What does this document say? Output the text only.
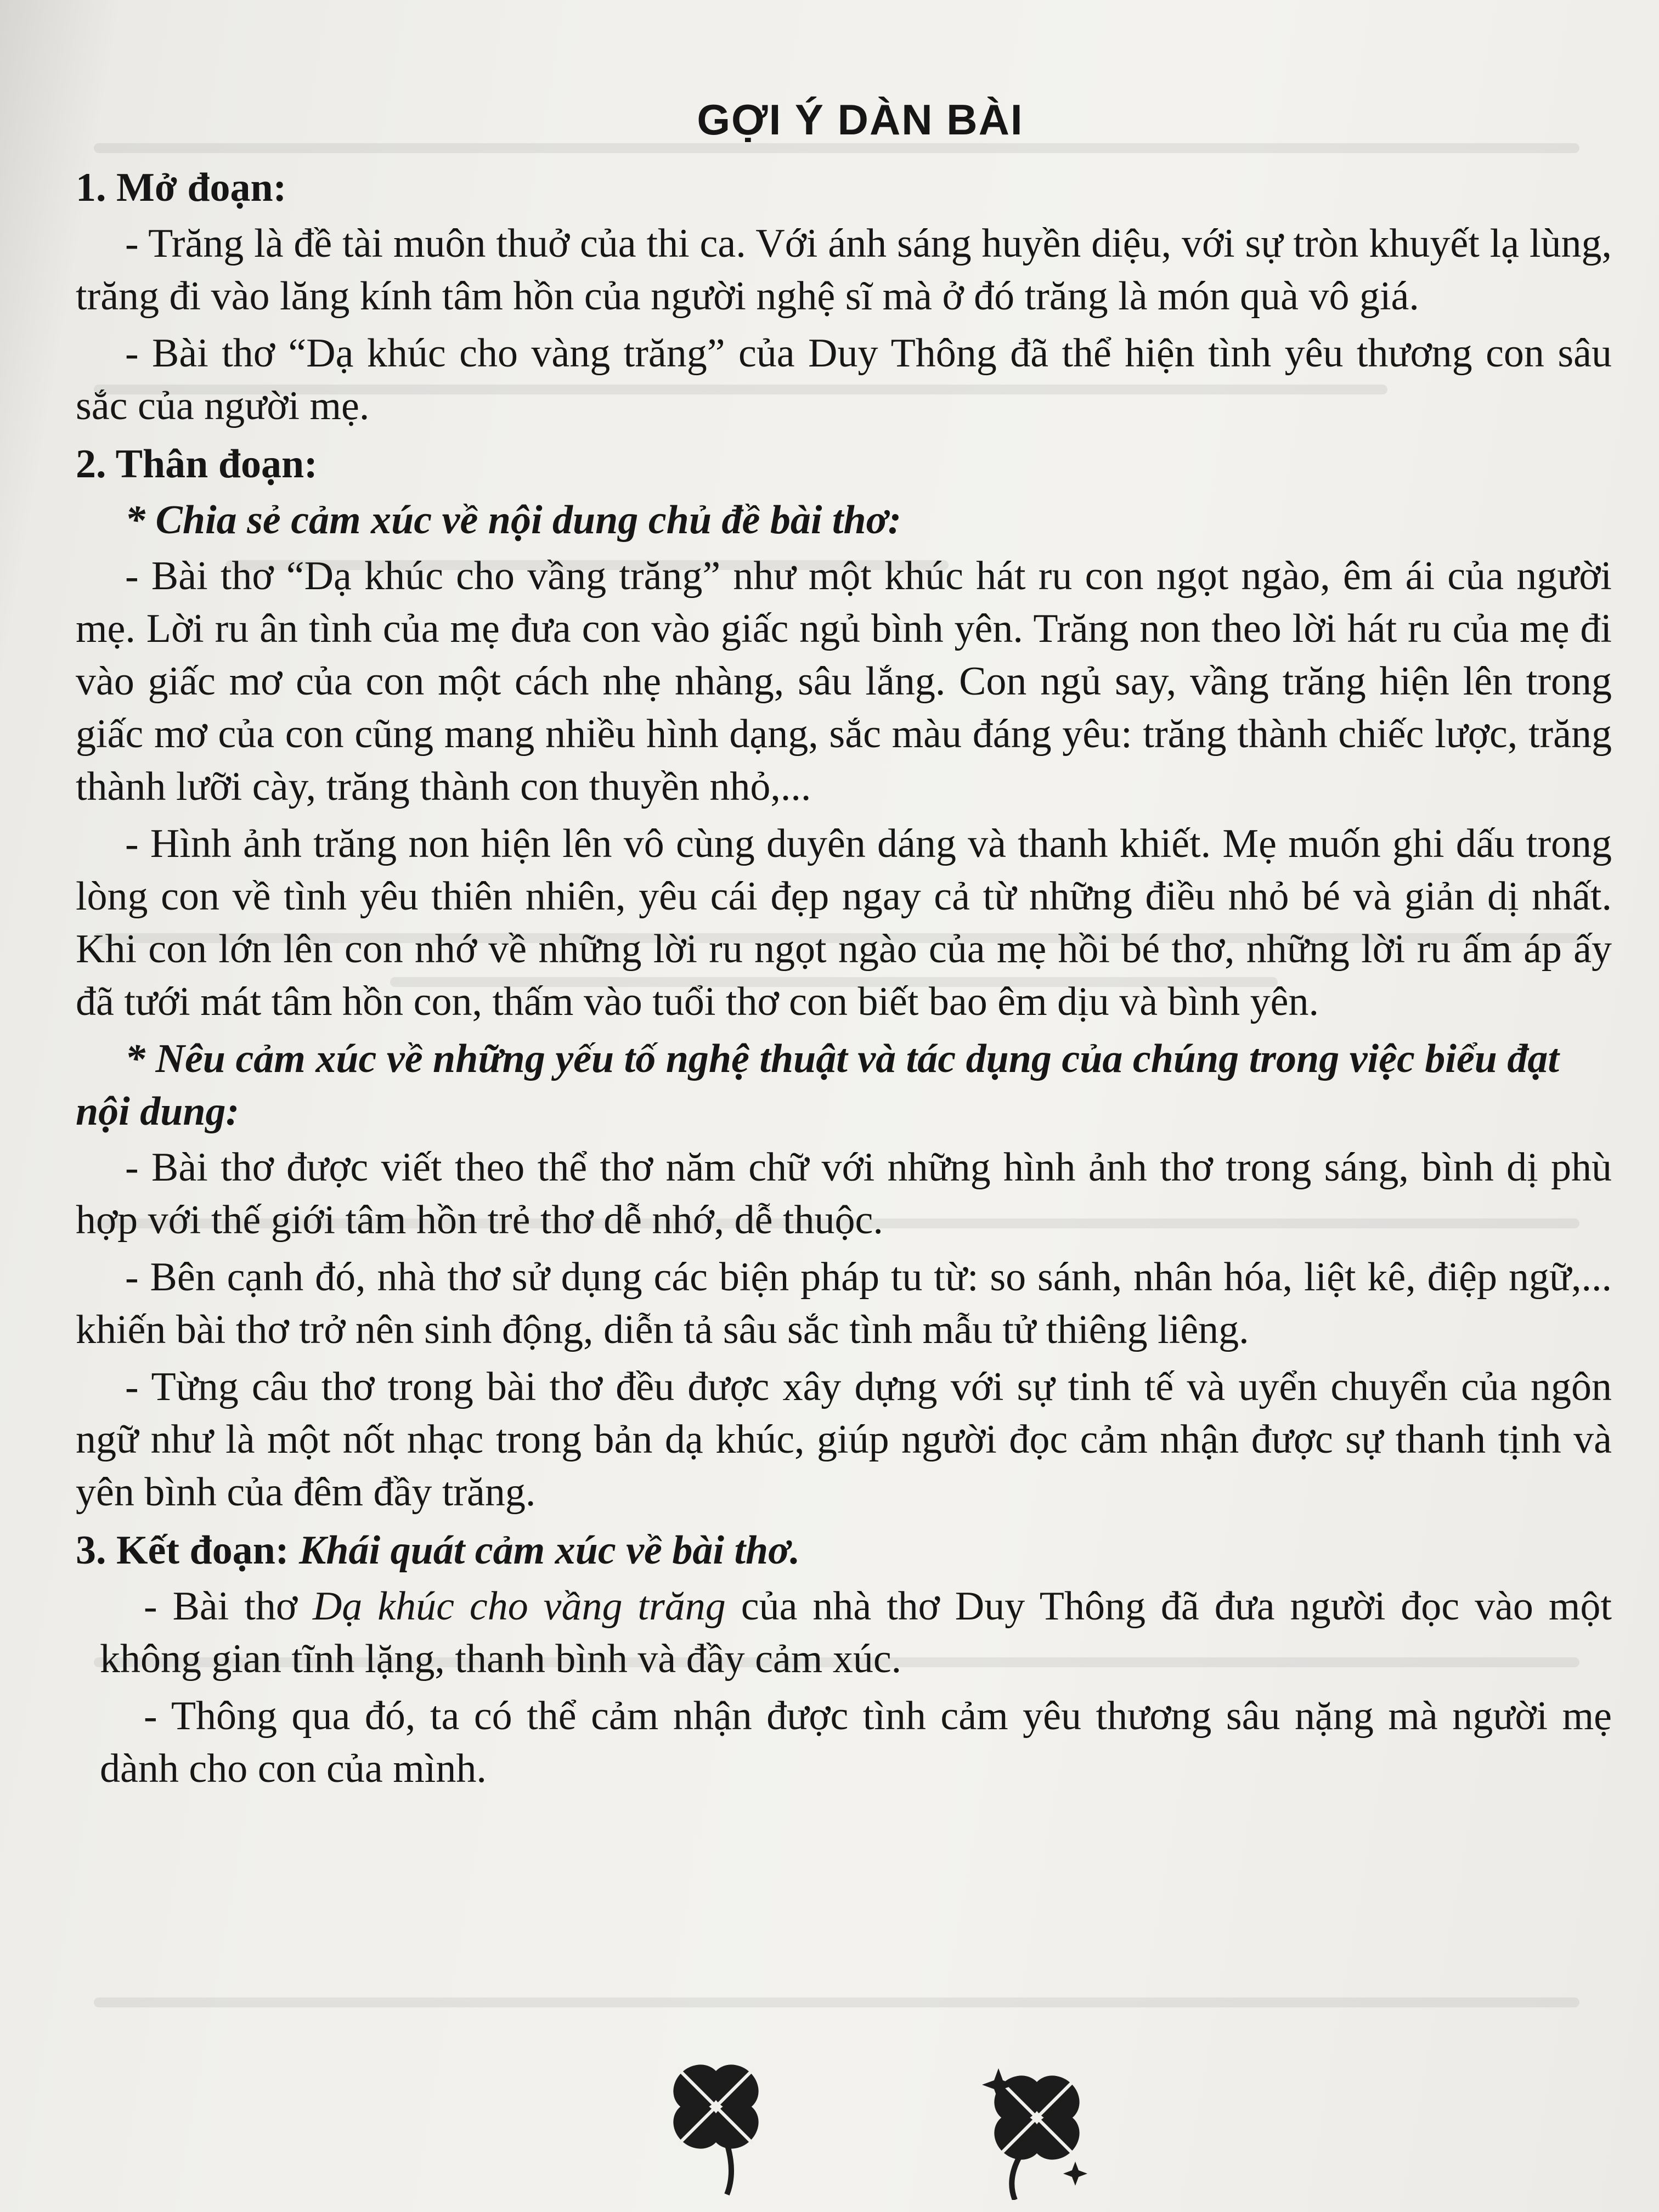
GỢI Ý DÀN BÀI
1. Mở đoạn:

- Trăng là đề tài muôn thuở của thi ca. Với ánh sáng huyền diệu, với sự tròn khuyết lạ lùng, trăng đi vào lăng kính tâm hồn của người nghệ sĩ mà ở đó trăng là món quà vô giá.

- Bài thơ “Dạ khúc cho vàng trăng” của Duy Thông đã thể hiện tình yêu thương con sâu sắc của người mẹ.

2. Thân đoạn:
* Chia sẻ cảm xúc về nội dung chủ đề bài thơ:

- Bài thơ “Dạ khúc cho vầng trăng” như một khúc hát ru con ngọt ngào, êm ái của người mẹ. Lời ru ân tình của mẹ đưa con vào giấc ngủ bình yên. Trăng non theo lời hát ru của mẹ đi vào giấc mơ của con một cách nhẹ nhàng, sâu lắng. Con ngủ say, vầng trăng hiện lên trong giấc mơ của con cũng mang nhiều hình dạng, sắc màu đáng yêu: trăng thành chiếc lược, trăng thành lưỡi cày, trăng thành con thuyền nhỏ,...

- Hình ảnh trăng non hiện lên vô cùng duyên dáng và thanh khiết. Mẹ muốn ghi dấu trong lòng con về tình yêu thiên nhiên, yêu cái đẹp ngay cả từ những điều nhỏ bé và giản dị nhất. Khi con lớn lên con nhớ về những lời ru ngọt ngào của mẹ hồi bé thơ, những lời ru ấm áp ấy đã tưới mát tâm hồn con, thấm vào tuổi thơ con biết bao êm dịu và bình yên.

* Nêu cảm xúc về những yếu tố nghệ thuật và tác dụng của chúng trong việc biểu đạt nội dung:

- Bài thơ được viết theo thể thơ năm chữ với những hình ảnh thơ trong sáng, bình dị phù hợp với thế giới tâm hồn trẻ thơ dễ nhớ, dễ thuộc.

- Bên cạnh đó, nhà thơ sử dụng các biện pháp tu từ: so sánh, nhân hóa, liệt kê, điệp ngữ,... khiến bài thơ trở nên sinh động, diễn tả sâu sắc tình mẫu tử thiêng liêng.

- Từng câu thơ trong bài thơ đều được xây dựng với sự tinh tế và uyển chuyển của ngôn ngữ như là một nốt nhạc trong bản dạ khúc, giúp người đọc cảm nhận được sự thanh tịnh và yên bình của đêm đầy trăng.

3. Kết đoạn: Khái quát cảm xúc về bài thơ.

- Bài thơ Dạ khúc cho vầng trăng của nhà thơ Duy Thông đã đưa người đọc vào một không gian tĩnh lặng, thanh bình và đầy cảm xúc.

- Thông qua đó, ta có thể cảm nhận được tình cảm yêu thương sâu nặng mà người mẹ dành cho con của mình.
